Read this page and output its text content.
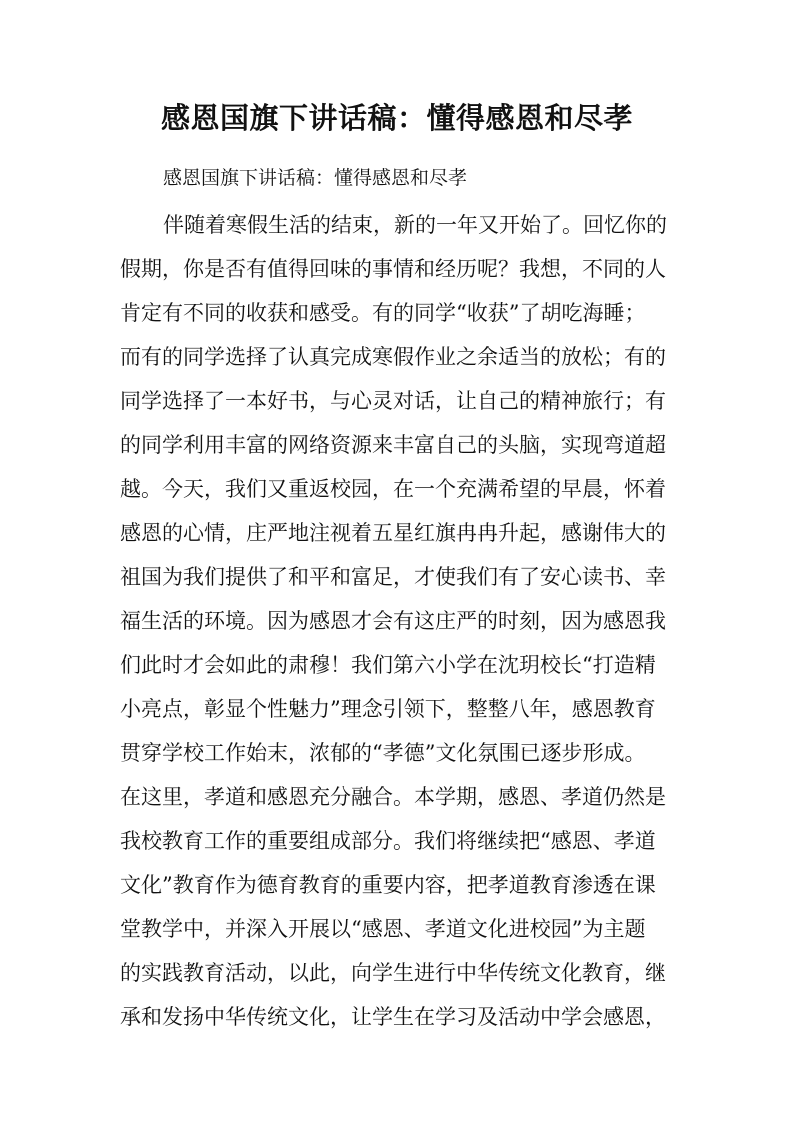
感恩国旗下讲话稿：懂得感恩和尽孝

感恩国旗下讲话稿：懂得感恩和尽孝

伴随着寒假生活的结束，新的一年又开始了。回忆你的

假期，你是否有值得回味的事情和经历呢？我想，不同的人

肯定有不同的收获和感受。有的同学“收获”了胡吃海睡；

而有的同学选择了认真完成寒假作业之余适当的放松；有的

同学选择了一本好书，与心灵对话，让自己的精神旅行；有

的同学利用丰富的网络资源来丰富自己的头脑，实现弯道超

越。今天，我们又重返校园，在一个充满希望的早晨，怀着

感恩的心情，庄严地注视着五星红旗冉冉升起，感谢伟大的

祖国为我们提供了和平和富足，才使我们有了安心读书、幸

福生活的环境。因为感恩才会有这庄严的时刻，因为感恩我

们此时才会如此的肃穆！我们第六小学在沈玥校长“打造精

小亮点，彰显个性魅力”理念引领下，整整八年，感恩教育

贯穿学校工作始末，浓郁的“孝德”文化氛围已逐步形成。

在这里，孝道和感恩充分融合。本学期，感恩、孝道仍然是

我校教育工作的重要组成部分。我们将继续把“感恩、孝道

文化”教育作为德育教育的重要内容，把孝道教育渗透在课

堂教学中，并深入开展以“感恩、孝道文化进校园”为主题

的实践教育活动，以此，向学生进行中华传统文化教育，继

承和发扬中华传统文化，让学生在学习及活动中学会感恩，
